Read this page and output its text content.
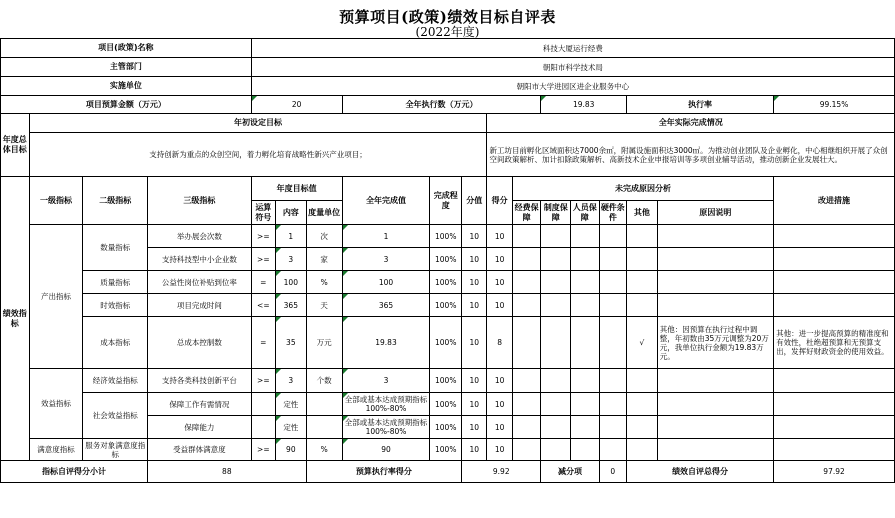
预算项目(政策)绩效目标自评表
(2022年度)
项目(政策)名称				科技大厦运行经费													
主管部门				朝阳市科学技术局													
实施单位				朝阳市大学进园区进企业服务中心													
项目预算金额（万元）				20			全年执行数（万元）					19.83			执行率		99.15%
年度总体目标	年初设定目标									全年实际完成情况							
	支持创新为重点的众创空间，着力孵化培育战略性新兴产业项目；									新工坊目前孵化区域面积达7000余㎡，附属设施面积达3000㎡。为推动创业团队及企业孵化，中心相继组织开展了众创空间政策解析、加计扣除政策解析、高新技术企业申报培训等多项创业辅导活动，推动创新企业发展壮大。							
绩效指标	一级指标	二级指标	三级指标	年度目标值			全年完成值	完成程度	分值	得分	未完成原因分析						改进措施
				运算符号	内容	度量单位					经费保障	制度保障	人员保障	硬件条件	其他	原因说明	
	产出指标	数量指标	举办展会次数	>=	1	次	1	100%	10	10							
			支持科技型中小企业数	>=	3	家	3	100%	10	10							
		质量指标	公益性岗位补贴到位率	=	100	%	100	100%	10	10							
		时效指标	项目完成时间	<=	365	天	365	100%	10	10							
		成本指标	总成本控制数	=	35	万元	19.83	100%	10	8					√	其他：因预算在执行过程中调整，年初数由35万元调整为20万元，我单位执行金额为19.83万元。	其他：进一步提高预算的精准度和有效性，杜绝超预算和无预算支出，发挥好财政资金的使用效益。
	效益指标	经济效益指标	支持各类科技创新平台	>=	3	个数	3	100%	10	10							
		社会效益指标	保障工作有需情况		定性		全部或基本达成预期指标100%-80%	100%	10	10							
			保障能力		定性		全部或基本达成预期指标100%-80%	100%	10	10							
	满意度指标	服务对象满意度指标	受益群体满意度	>=	90	%	90	100%	10	10							
指标自评得分小计			88			预算执行率得分			9.92			减分项		0	绩效自评总得分		97.92
